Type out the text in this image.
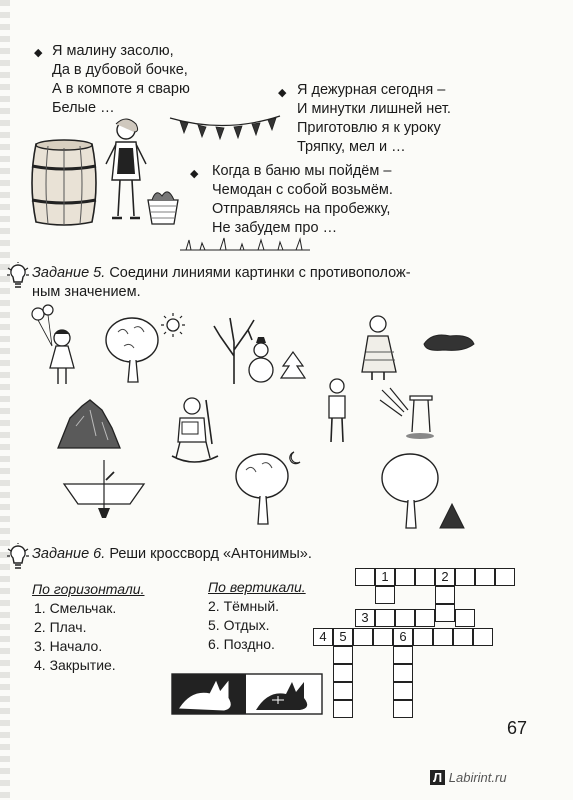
◆ Я малину засолю,
Да в дубовой бочке,
А в компоте я сварю
Белые …
◆ Я дежурная сегодня –
И минутки лишней нет.
Приготовлю я к уроку
Тряпку, мел и …
◆ Когда в баню мы пойдём –
Чемодан с собой возьмём.
Отправляясь на пробежку,
Не забудем про …
Задание 5. Соедини линиями картинки с противополож-
ным значением.
Задание 6. Реши кроссворд «Антонимы».
По горизонтали.
1. Смельчак.
2. Плач.
3. Начало.
4. Закрытие.
По вертикали.
2. Тёмный.
5. Отдых.
6. Поздно.
1	2
3
4 5	6
67
Л Labirint.ru
